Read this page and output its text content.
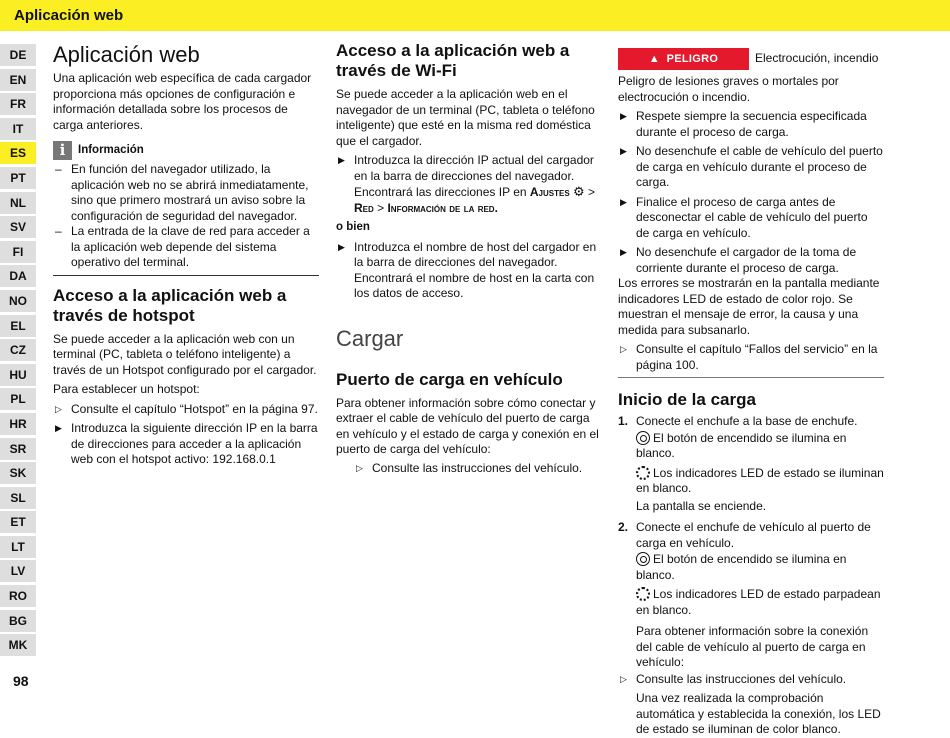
Aplicación web
DE
EN
FR
IT
ES
PT
NL
SV
FI
DA
NO
EL
CZ
HU
PL
HR
SR
SK
SL
ET
LT
LV
RO
BG
MK
98
Aplicación web

Una aplicación web específica de cada cargador proporciona más opciones de configuración e información detallada sobre los procesos de carga anteriores.

i	Información
– En función del navegador utilizado, la aplicación web no se abrirá inmediatamente, sino que primero mostrará un aviso sobre la configuración de seguridad del navegador.
– La entrada de la clave de red para acceder a la aplicación web depende del sistema operativo del terminal.
Acceso a la aplicación web a través de hotspot

Se puede acceder a la aplicación web con un terminal (PC, tableta o teléfono inteligente) a través de un Hotspot configurado por el cargador.

Para establecer un hotspot:

▷ Consulte el capítulo “Hotspot” en la página 97.
▶ Introduzca la siguiente dirección IP en la barra de direcciones para acceder a la aplicación web con el hotspot activo: 192.168.0.1
Acceso a la aplicación web a través de Wi-Fi

Se puede acceder a la aplicación web en el navegador de un terminal (PC, tableta o teléfono inteligente) que esté en la misma red doméstica que el cargador.

▶ Introduzca la dirección IP actual del cargador en la barra de direcciones del navegador. Encontrará las direcciones IP en Ajustes ⚙ > Red > Información de la red.

o bien

▶ Introduzca el nombre de host del cargador en la barra de direcciones del navegador. Encontrará el nombre de host en la carta con los datos de acceso.
Cargar
Puerto de carga en vehículo

Para obtener información sobre cómo conectar y extraer el cable de vehículo del puerto de carga en vehículo y el estado de carga y conexión en el puerto de carga del vehículo:

▷ Consulte las instrucciones del vehículo.
▲ PELIGRO	Electrocución, incendio

Peligro de lesiones graves o mortales por electrocución o incendio.

▶ Respete siempre la secuencia especificada durante el proceso de carga.
▶ No desenchufe el cable de vehículo del puerto de carga en vehículo durante el proceso de carga.
▶ Finalice el proceso de carga antes de desconectar el cable de vehículo del puerto de carga en vehículo.
▶ No desenchufe el cargador de la toma de corriente durante el proceso de carga.

Los errores se mostrarán en la pantalla mediante indicadores LED de estado de color rojo. Se muestran el mensaje de error, la causa y una medida para subsanarlo.

▷ Consulte el capítulo “Fallos del servicio” en la página 100.
Inicio de la carga
1. Conecte el enchufe a la base de enchufe.
El botón de encendido se ilumina en blanco.
Los indicadores LED de estado se iluminan en blanco.
La pantalla se enciende.
2. Conecte el enchufe de vehículo al puerto de carga en vehículo.
El botón de encendido se ilumina en blanco.
Los indicadores LED de estado parpadean en blanco.
Para obtener información sobre la conexión del cable de vehículo al puerto de carga en vehículo:
▷ Consulte las instrucciones del vehículo.
Una vez realizada la comprobación automática y establecida la conexión, los LED de estado se iluminan de color blanco.
